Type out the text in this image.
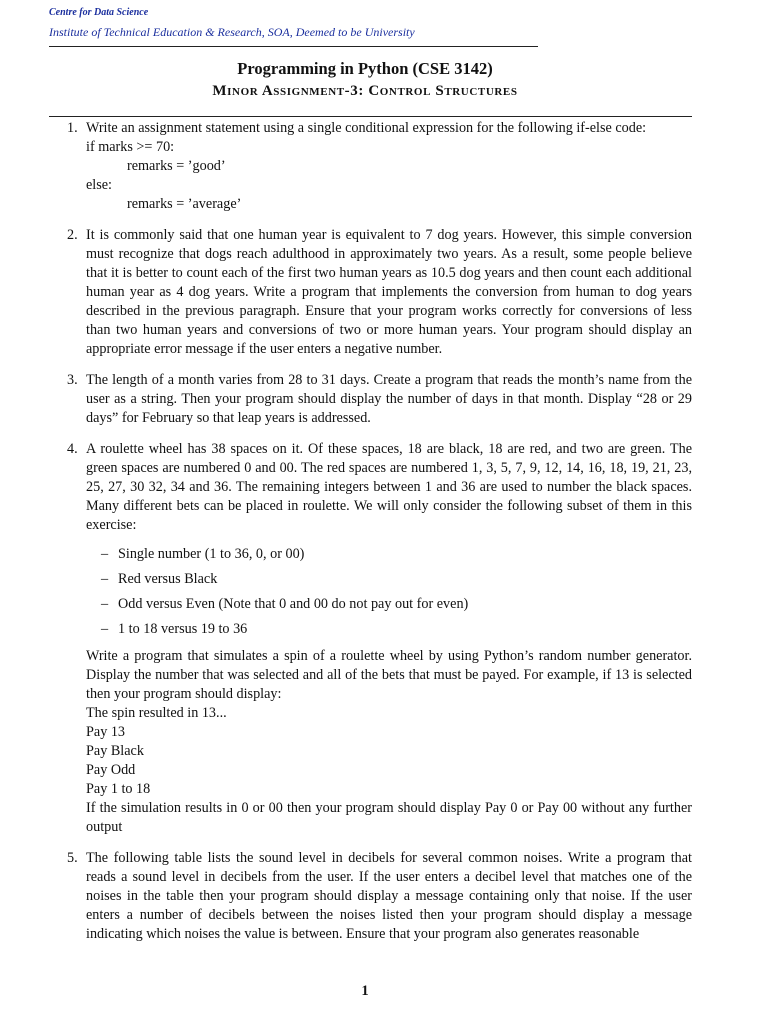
Centre for Data Science
Institute of Technical Education & Research, SOA, Deemed to be University
Programming in Python (CSE 3142)
Minor Assignment-3: Control Structures
1. Write an assignment statement using a single conditional expression for the following if-else code:

if marks >= 70:
remarks = ’good’
else:
remarks = ’average’
2. It is commonly said that one human year is equivalent to 7 dog years. However, this simple conversion must recognize that dogs reach adulthood in approximately two years. As a result, some people believe that it is better to count each of the first two human years as 10.5 dog years and then count each additional human year as 4 dog years. Write a program that implements the conversion from human to dog years described in the previous paragraph. Ensure that your program works correctly for conversions of less than two human years and conversions of two or more human years. Your program should display an appropriate error message if the user enters a negative number.

3. The length of a month varies from 28 to 31 days. Create a program that reads the month’s name from the user as a string. Then your program should display the number of days in that month. Display “28 or 29 days” for February so that leap years is addressed.

4. A roulette wheel has 38 spaces on it. Of these spaces, 18 are black, 18 are red, and two are green. The green spaces are numbered 0 and 00. The red spaces are numbered 1, 3, 5, 7, 9, 12, 14, 16, 18, 19, 21, 23, 25, 27, 30 32, 34 and 36. The remaining integers between 1 and 36 are used to number the black spaces. Many different bets can be placed in roulette. We will only consider the following subset of them in this exercise:

– Single number (1 to 36, 0, or 00)
– Red versus Black
– Odd versus Even (Note that 0 and 00 do not pay out for even)
– 1 to 18 versus 19 to 36

Write a program that simulates a spin of a roulette wheel by using Python’s random number generator. Display the number that was selected and all of the bets that must be payed. For example, if 13 is selected then your program should display:

The spin resulted in 13...
Pay 13
Pay Black
Pay Odd
Pay 1 to 18

If the simulation results in 0 or 00 then your program should display Pay 0 or Pay 00 without any further output

5. The following table lists the sound level in decibels for several common noises. Write a program that reads a sound level in decibels from the user. If the user enters a decibel level that matches one of the noises in the table then your program should display a message containing only that noise. If the user enters a number of decibels between the noises listed then your program should display a message indicating which noises the value is between. Ensure that your program also generates reasonable

1
